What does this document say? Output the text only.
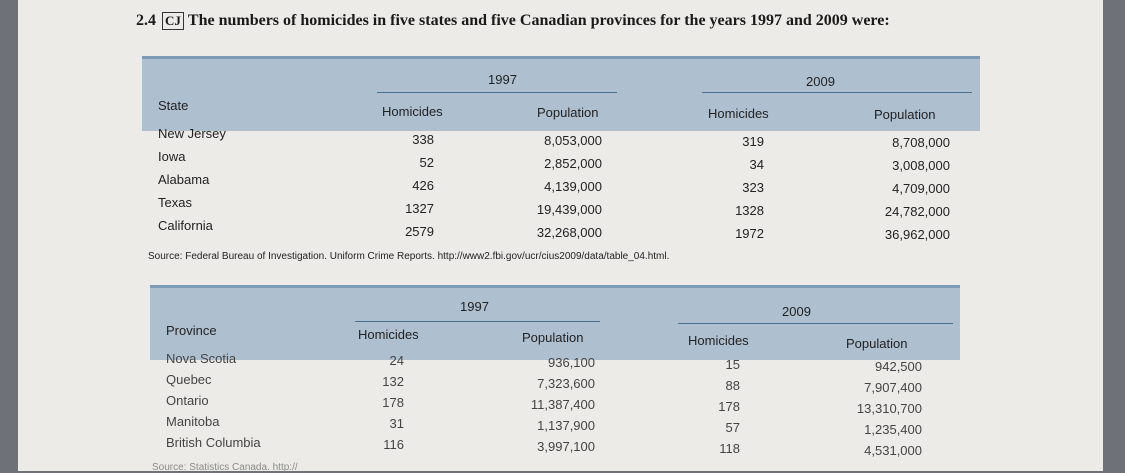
2.4 CJ The numbers of homicides in five states and five Canadian provinces for the years 1997 and 2009 were:
1997	2009
State	Homicides	Population	Homicides	Population
New Jersey	338	8,053,000	319	8,708,000
Iowa	52	2,852,000	34	3,008,000
Alabama	426	4,139,000	323	4,709,000
Texas	1327	19,439,000	1328	24,782,000
California	2579	32,268,000	1972	36,962,000
1997	2009
Province	Homicides	Population	Homicides	Population
Nova Scotia	24	936,100	15	942,500
Quebec	132	7,323,600	88	7,907,400
Ontario	178	11,387,400	178	13,310,700
Manitoba	31	1,137,900	57	1,235,400
British Columbia	116	3,997,100	118	4,531,000
Source: Federal Bureau of Investigation. Uniform Crime Reports. http://www2.fbi.gov/ucr/cius2009/data/table_04.html.
Source: Statistics Canada. http://
